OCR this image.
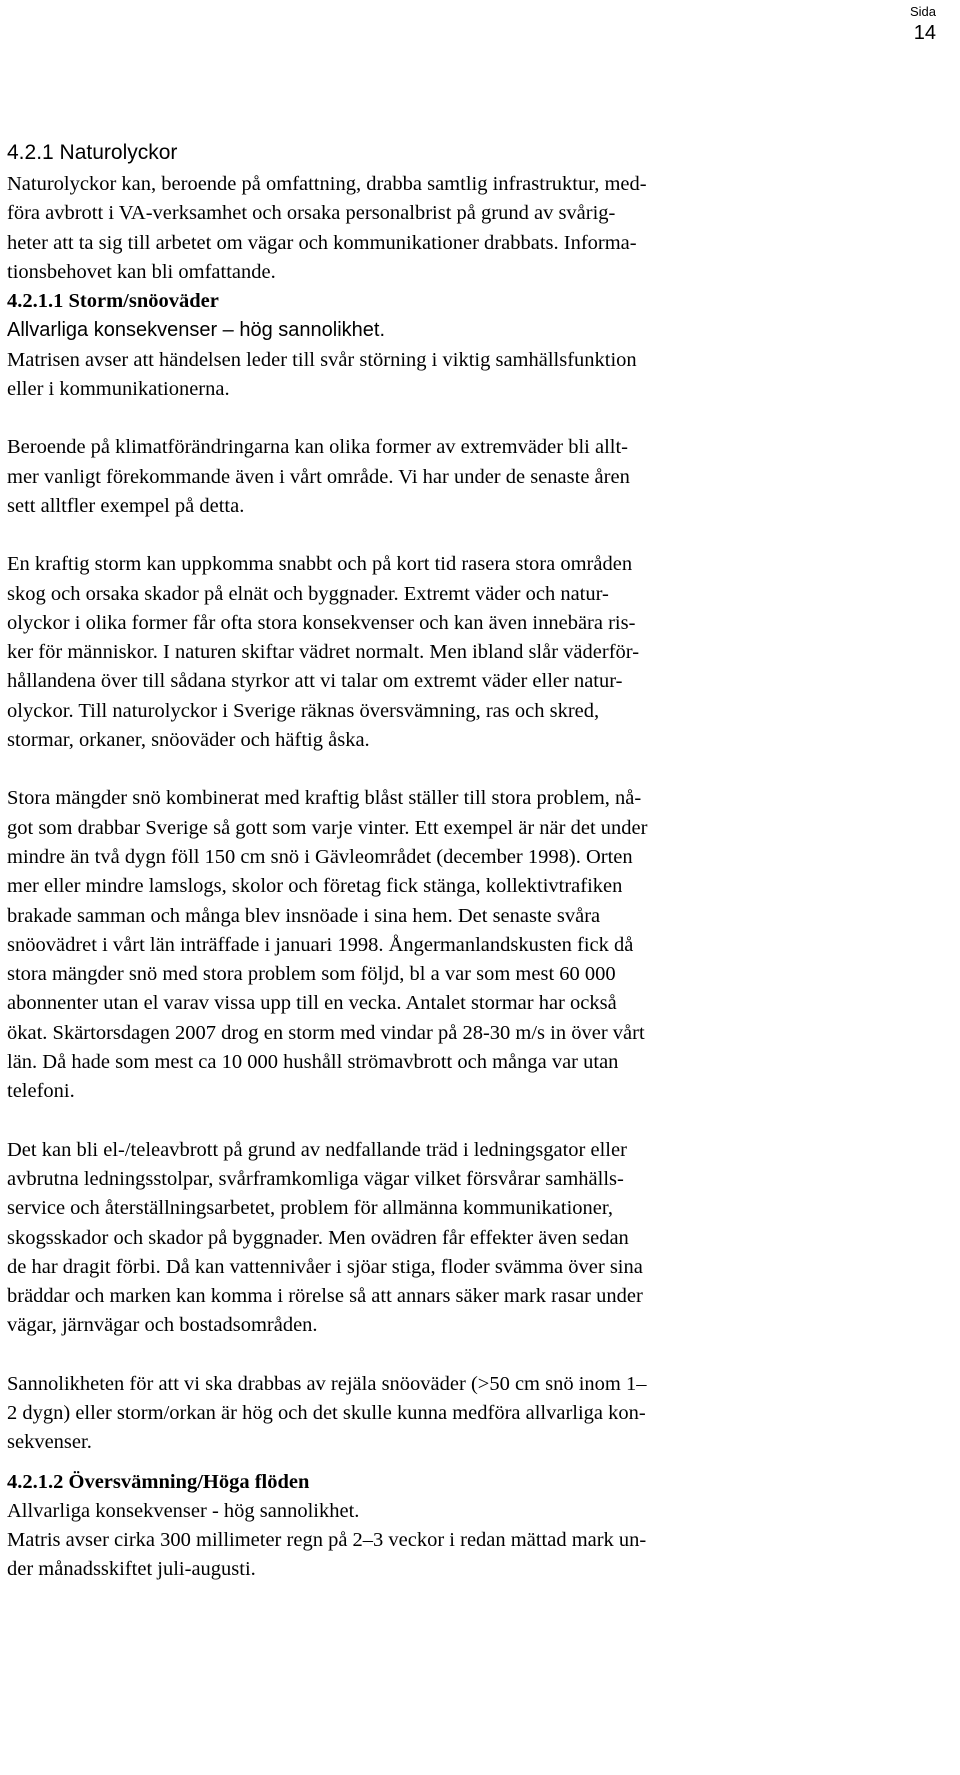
Sida
14

4.2.1 Naturolyckor

Naturolyckor kan, beroende på omfattning, drabba samtlig infrastruktur, med-

föra avbrott i VA-verksamhet och orsaka personalbrist på grund av svårig-

heter att ta sig till arbetet om vägar och kommunikationer drabbats. Informa-

tionsbehovet kan bli omfattande.

4.2.1.1 Storm/snöoväder

Allvarliga konsekvenser – hög sannolikhet.

Matrisen avser att händelsen leder till svår störning i viktig samhällsfunktion

eller i kommunikationerna.

Beroende på klimatförändringarna kan olika former av extremväder bli allt-

mer vanligt förekommande även i vårt område. Vi har under de senaste åren

sett alltfler exempel på detta.

En kraftig storm kan uppkomma snabbt och på kort tid rasera stora områden

skog och orsaka skador på elnät och byggnader. Extremt väder och natur-

olyckor i olika former får ofta stora konsekvenser och kan även innebära ris-

ker för människor. I naturen skiftar vädret normalt. Men ibland slår väderför-

hållandena över till sådana styrkor att vi talar om extremt väder eller natur-

olyckor. Till naturolyckor i Sverige räknas översvämning, ras och skred,

stormar, orkaner, snöoväder och häftig åska.

Stora mängder snö kombinerat med kraftig blåst ställer till stora problem, nå-

got som drabbar Sverige så gott som varje vinter. Ett exempel är när det under

mindre än två dygn föll 150 cm snö i Gävleområdet (december 1998). Orten

mer eller mindre lamslogs, skolor och företag fick stänga, kollektivtrafiken

brakade samman och många blev insnöade i sina hem. Det senaste svåra

snöovädret i vårt län inträffade i januari 1998. Ångermanlandskusten fick då

stora mängder snö med stora problem som följd, bl a var som mest 60 000

abonnenter utan el varav vissa upp till en vecka. Antalet stormar har också

ökat. Skärtorsdagen 2007 drog en storm med vindar på 28-30 m/s in över vårt

län. Då hade som mest ca 10 000 hushåll strömavbrott och många var utan

telefoni.

Det kan bli el-/teleavbrott på grund av nedfallande träd i ledningsgator eller

avbrutna ledningsstolpar, svårframkomliga vägar vilket försvårar samhälls-

service och återställningsarbetet, problem för allmänna kommunikationer,

skogsskador och skador på byggnader. Men ovädren får effekter även sedan

de har dragit förbi. Då kan vattennivåer i sjöar stiga, floder svämma över sina

bräddar och marken kan komma i rörelse så att annars säker mark rasar under

vägar, järnvägar och bostadsområden.

Sannolikheten för att vi ska drabbas av rejäla snöoväder (>50 cm snö inom 1–

2 dygn) eller storm/orkan är hög och det skulle kunna medföra allvarliga kon-

sekvenser.

4.2.1.2 Översvämning/Höga flöden

Allvarliga konsekvenser - hög sannolikhet.

Matris avser cirka 300 millimeter regn på 2–3 veckor i redan mättad mark un-

der månadsskiftet juli-augusti.
